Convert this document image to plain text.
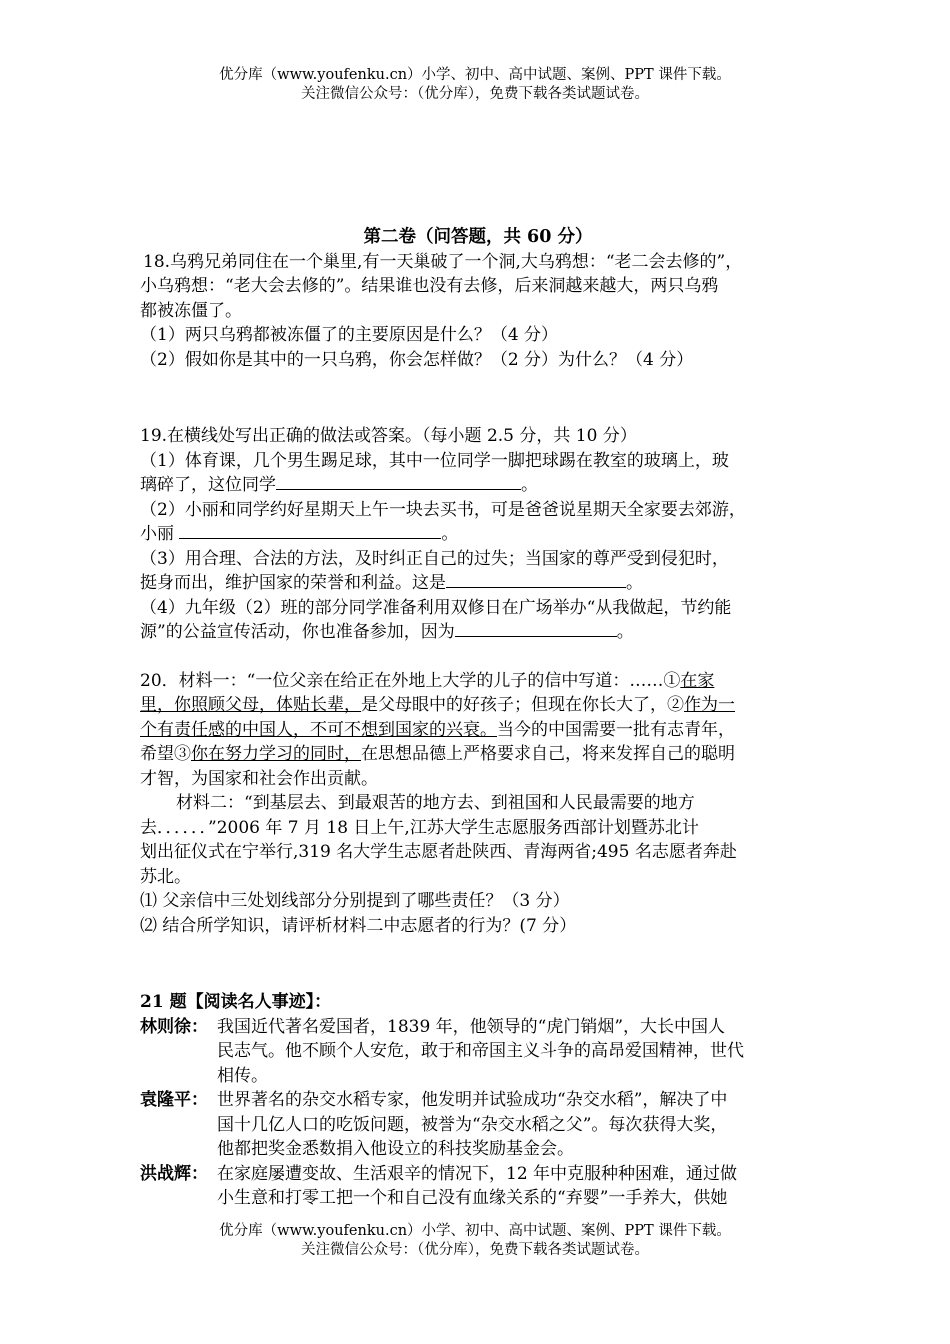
优分库（www.youfenku.cn）小学、初中、高中试题、案例、PPT 课件下载。
关注微信公众号：（优分库），免费下载各类试题试卷。

第二卷（问答题，共 60 分）

18.乌鸦兄弟同住在一个巢里,有一天巢破了一个洞,大乌鸦想：“老二会去修的”，

小乌鸦想：“老大会去修的”。结果谁也没有去修，后来洞越来越大，两只乌鸦

都被冻僵了。

（1）两只乌鸦都被冻僵了的主要原因是什么？（4 分）

（2）假如你是其中的一只乌鸦，你会怎样做？（2 分）为什么？（4 分）

19.在横线处写出正确的做法或答案。（每小题 2.5 分，共 10 分）

（1）体育课，几个男生踢足球，其中一位同学一脚把球踢在教室的玻璃上，玻

璃碎了，这位同学	。

（2）小丽和同学约好星期天上午一块去买书，可是爸爸说星期天全家要去郊游，

小丽	。

（3）用合理、合法的方法，及时纠正自己的过失；当国家的尊严受到侵犯时，

挺身而出，维护国家的荣誉和利益。这是	。

（4）九年级（2）班的部分同学准备利用双修日在广场举办“从我做起，节约能

源”的公益宣传活动，你也准备参加，因为	。

20．材料一：“一位父亲在给正在外地上大学的儿子的信中写道：……①在家

里，你照顾父母，体贴长辈，是父母眼中的好孩子；但现在你长大了，②作为一

个有责任感的中国人，不可不想到国家的兴衰。当今的中国需要一批有志青年，

希望③你在努力学习的同时，在思想品德上严格要求自己，将来发挥自己的聪明

才智，为国家和社会作出贡献。

材料二：“到基层去、到最艰苦的地方去、到祖国和人民最需要的地方

去．．．．．．”2006 年 7 月 18 日上午,江苏大学生志愿服务西部计划暨苏北计

划出征仪式在宁举行,319 名大学生志愿者赴陕西、青海两省;495 名志愿者奔赴

苏北。

⑴ 父亲信中三处划线部分分别提到了哪些责任？（3 分）

⑵ 结合所学知识，请评析材料二中志愿者的行为？(7 分）

21 题【阅读名人事迹】：

林则徐： 我国近代著名爱国者，1839 年，他领导的“虎门销烟”，大长中国人
民志气。他不顾个人安危，敢于和帝国主义斗争的高昂爱国精神，世代
相传。
袁隆平： 世界著名的杂交水稻专家，他发明并试验成功“杂交水稻”，解决了中
国十几亿人口的吃饭问题，被誉为“杂交水稻之父”。每次获得大奖，
他都把奖金悉数捐入他设立的科技奖励基金会。
洪战辉： 在家庭屡遭变故、生活艰辛的情况下，12 年中克服种种困难，通过做
小生意和打零工把一个和自己没有血缘关系的“弃婴”一手养大，供她
优分库（www.youfenku.cn）小学、初中、高中试题、案例、PPT 课件下载。
关注微信公众号：（优分库），免费下载各类试题试卷。
